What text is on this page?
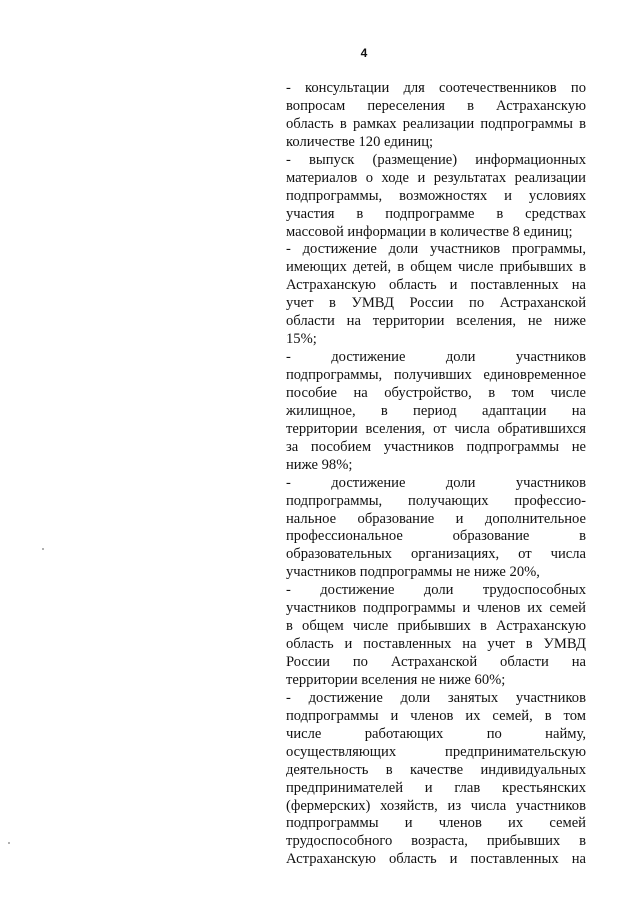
4
- консультации для соотечественников по
вопросам переселения в Астраханскую
область в рамках реализации подпрограммы в
количестве 120 единиц;
- выпуск (размещение) информационных
материалов о ходе и результатах реализации
подпрограммы, возможностях и условиях
участия в подпрограмме в средствах
массовой информации в количестве 8 единиц;
- достижение доли участников программы,
имеющих детей, в общем числе прибывших в
Астраханскую область и поставленных на
учет в УМВД России по Астраханской
области на территории вселения, не ниже
15%;
- достижение доли участников
подпрограммы, получивших единовременное
пособие на обустройство, в том числе
жилищное, в период адаптации на
территории вселения, от числа обратившихся
за пособием участников подпрограммы не
ниже 98%;
- достижение доли участников
подпрограммы, получающих профессио-
нальное образование и дополнительное
профессиональное образование в
образовательных организациях, от числа
участников подпрограммы не ниже 20%,
- достижение доли трудоспособных
участников подпрограммы и членов их семей
в общем числе прибывших в Астраханскую
область и поставленных на учет в УМВД
России по Астраханской области на
территории вселения не ниже 60%;
- достижение доли занятых участников
подпрограммы и членов их семей, в том
числе работающих по найму,
осуществляющих предпринимательскую
деятельность в качестве индивидуальных
предпринимателей и глав крестьянских
(фермерских) хозяйств, из числа участников
подпрограммы и членов их семей
трудоспособного возраста, прибывших в
Астраханскую область и поставленных на
